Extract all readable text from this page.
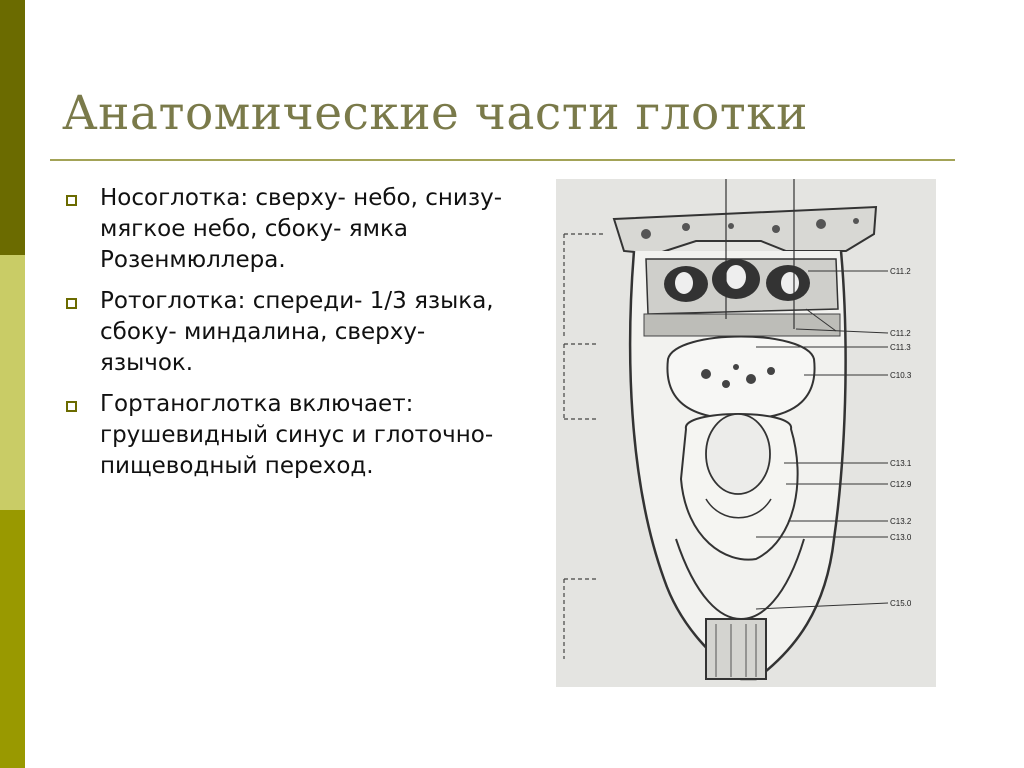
Анатомические части глотки
Носоглотка: сверху- небо, снизу- мягкое небо, сбоку- ямка Розенмюллера.
Ротоглотка: спереди- 1/3 языка, сбоку- миндалина, сверху- язычок.
Гортаноглотка включает: грушевидный синус и глоточно-пищеводный переход.
C11.2
C11.2
C11.3
C10.3
C13.1
C12.9
C13.2
C13.0
C15.0
